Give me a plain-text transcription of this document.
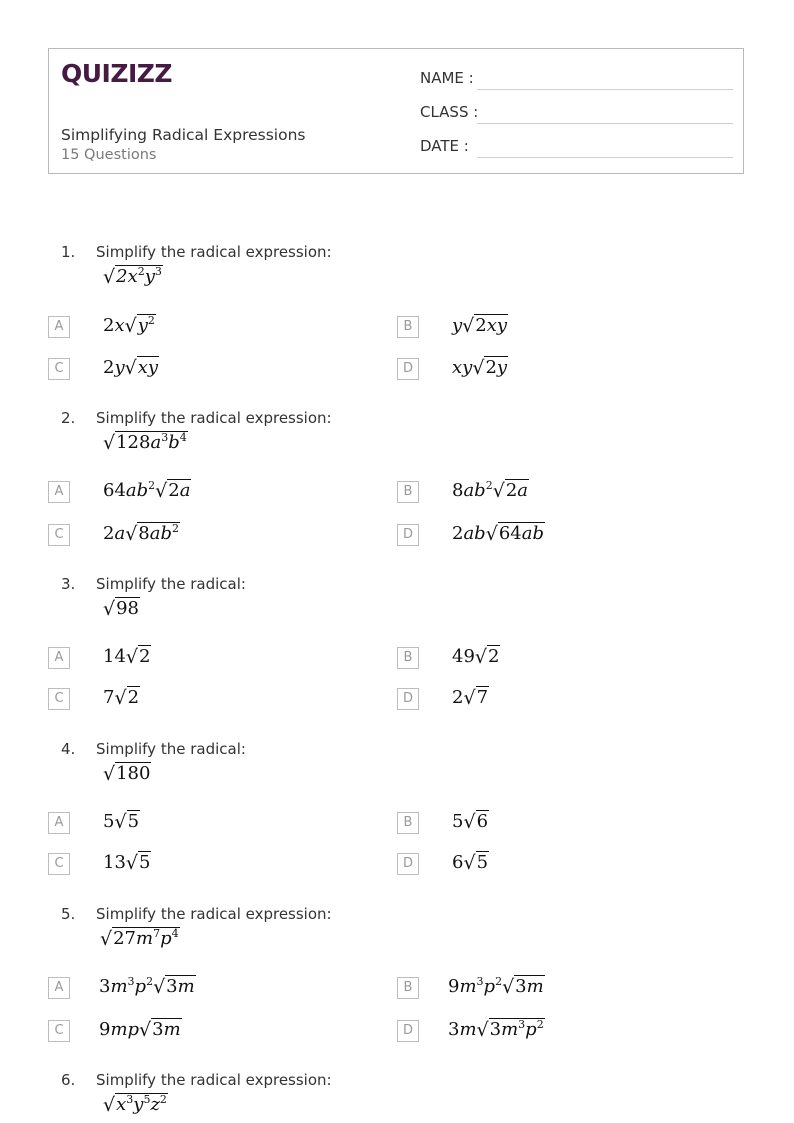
QUIZIZZ
Simplifying Radical Expressions
15 Questions
NAME :
CLASS :
DATE :
1. Simplify the radical expression:
$√2x^2y^3$
A	$2x√y^2$	B	y√2xy
C	2y√xy	D	xy√2y
2. Simplify the radical expression:
$√128a^3b^4$
A	$64ab^2√2a$	B	$8ab^2√2a$
C	$2a√8ab^2$	D	2ab√64ab
3. Simplify the radical:
√98
A	14√2	B	49√2
C	7√2	D	2√7
4. Simplify the radical:
√180
A	5√5	B	5√6
C	13√5	D	6√5
5. Simplify the radical expression:
$√27m^7p^4$
A	$3m^3p^2√3m$	B	$9m^3p^2√3m$
C	9mp√3m	D	$3m√3m^3p^2$
6. Simplify the radical expression:
$√x^3y^5z^2$
